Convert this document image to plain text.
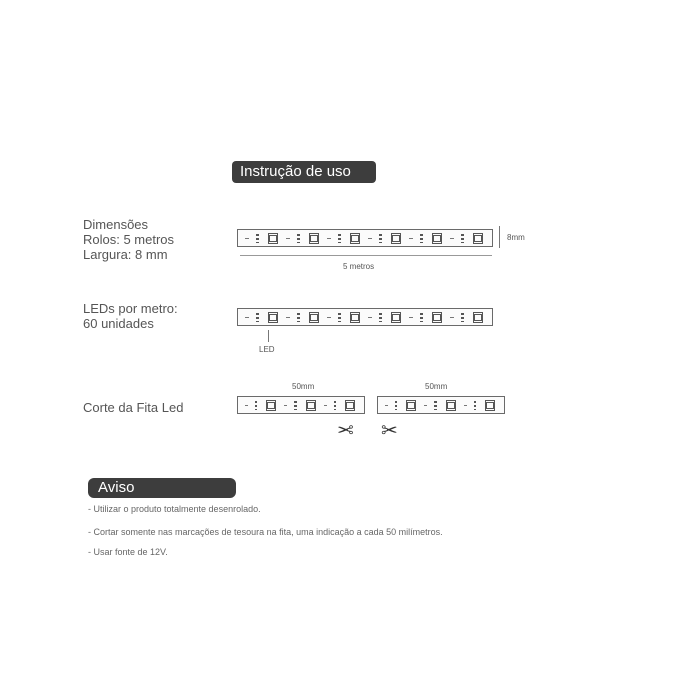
Instrução de uso
Dimensões
Rolos: 5 metros
Largura: 8 mm
8mm
5 metros
LEDs por metro:
60 unidades
LED
Corte da Fita Led
50mm	50mm
✂ ✂
Aviso
- Utilizar o produto totalmente desenrolado.
- Cortar somente nas marcações de tesoura na fita, uma indicação a cada 50 milímetros.
- Usar fonte de 12V.
